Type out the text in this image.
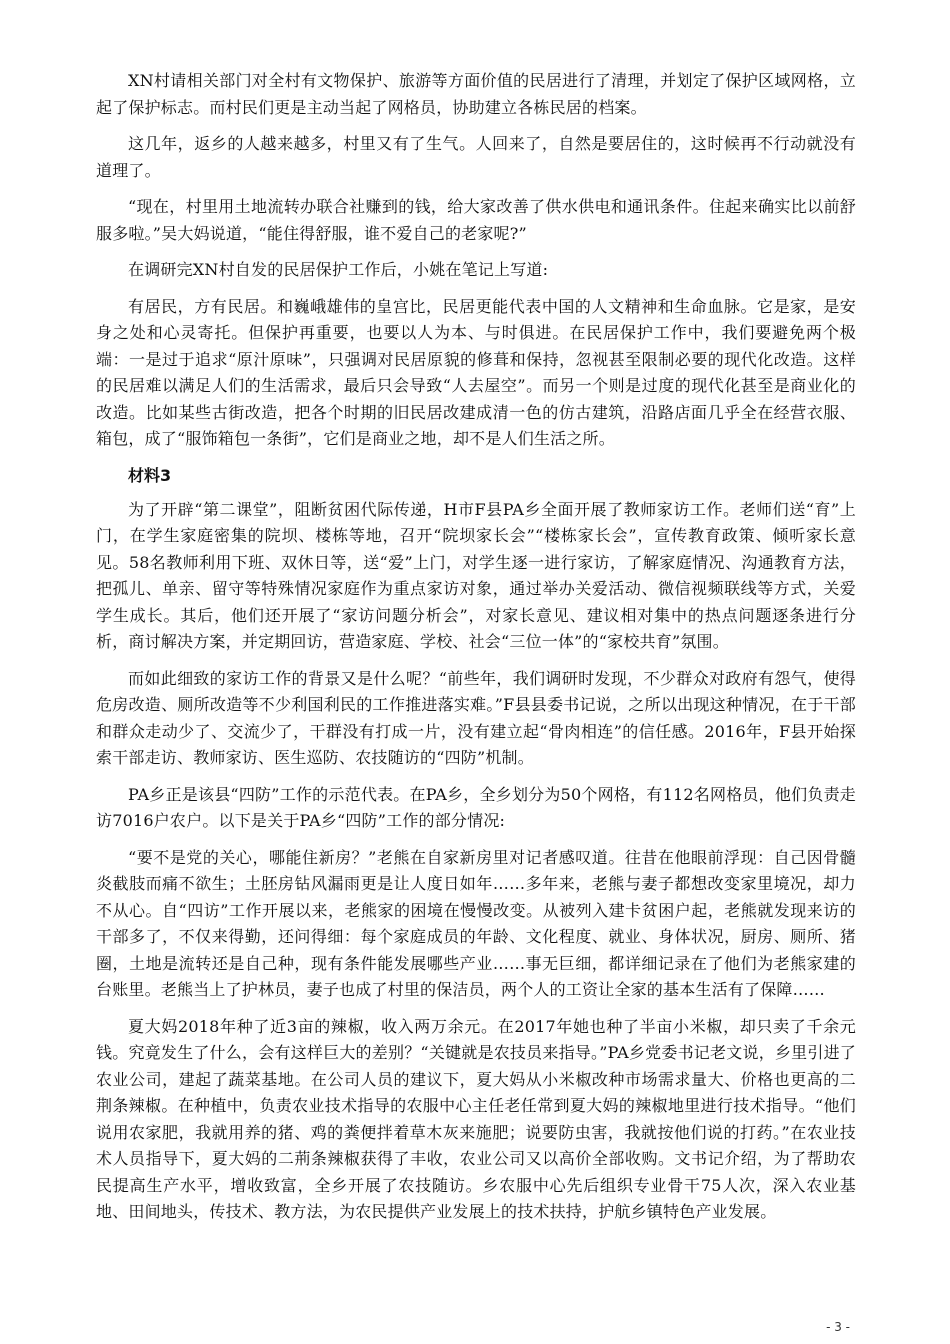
XN村请相关部门对全村有文物保护、旅游等方面价值的民居进行了清理，并划定了保护区域网格，立起了保护标志。而村民们更是主动当起了网格员，协助建立各栋民居的档案。

这几年，返乡的人越来越多，村里又有了生气。人回来了，自然是要居住的，这时候再不行动就没有道理了。

“现在，村里用土地流转办联合社赚到的钱，给大家改善了供水供电和通讯条件。住起来确实比以前舒服多啦。”吴大妈说道，“能住得舒服，谁不爱自己的老家呢?”

在调研完XN村自发的民居保护工作后，小姚在笔记上写道:

有居民，方有民居。和巍峨雄伟的皇宫比，民居更能代表中国的人文精神和生命血脉。它是家，是安身之处和心灵寄托。但保护再重要，也要以人为本、与时俱进。在民居保护工作中，我们要避免两个极端：一是过于追求“原汁原味”，只强调对民居原貌的修葺和保持，忽视甚至限制必要的现代化改造。这样的民居难以满足人们的生活需求，最后只会导致“人去屋空”。而另一个则是过度的现代化甚至是商业化的改造。比如某些古街改造，把各个时期的旧民居改建成清一色的仿古建筑，沿路店面几乎全在经营衣服、箱包，成了“服饰箱包一条街”，它们是商业之地，却不是人们生活之所。

材料3

为了开辟“第二课堂”，阻断贫困代际传递，H市F县PA乡全面开展了教师家访工作。老师们送“育”上门，在学生家庭密集的院坝、楼栋等地，召开“院坝家长会”“楼栋家长会”，宣传教育政策、倾听家长意见。58名教师利用下班、双休日等，送“爱”上门，对学生逐一进行家访，了解家庭情况、沟通教育方法，把孤儿、单亲、留守等特殊情况家庭作为重点家访对象，通过举办关爱活动、微信视频联线等方式，关爱学生成长。其后，他们还开展了“家访问题分析会”，对家长意见、建议相对集中的热点问题逐条进行分析，商讨解决方案，并定期回访，营造家庭、学校、社会“三位一体”的“家校共育”氛围。

而如此细致的家访工作的背景又是什么呢？“前些年，我们调研时发现，不少群众对政府有怨气，使得危房改造、厕所改造等不少利国利民的工作推进落实难。”F县县委书记说，之所以出现这种情况，在于干部和群众走动少了、交流少了，干群没有打成一片，没有建立起“骨肉相连”的信任感。2016年，F县开始探索干部走访、教师家访、医生巡防、农技随访的“四防”机制。

PA乡正是该县“四防”工作的示范代表。在PA乡，全乡划分为50个网格，有112名网格员，他们负责走访7016户农户。以下是关于PA乡“四防”工作的部分情况:

“要不是党的关心，哪能住新房？”老熊在自家新房里对记者感叹道。往昔在他眼前浮现：自己因骨髓炎截肢而痛不欲生；土胚房钻风漏雨更是让人度日如年……多年来，老熊与妻子都想改变家里境况，却力不从心。自“四访”工作开展以来，老熊家的困境在慢慢改变。从被列入建卡贫困户起，老熊就发现来访的干部多了，不仅来得勤，还问得细：每个家庭成员的年龄、文化程度、就业、身体状况，厨房、厕所、猪圈，土地是流转还是自己种，现有条件能发展哪些产业……事无巨细，都详细记录在了他们为老熊家建的台账里。老熊当上了护林员，妻子也成了村里的保洁员，两个人的工资让全家的基本生活有了保障……

夏大妈2018年种了近3亩的辣椒，收入两万余元。在2017年她也种了半亩小米椒，却只卖了千余元钱。究竟发生了什么，会有这样巨大的差别？“关键就是农技员来指导。”PA乡党委书记老文说，乡里引进了农业公司，建起了蔬菜基地。在公司人员的建议下，夏大妈从小米椒改种市场需求量大、价格也更高的二荆条辣椒。在种植中，负责农业技术指导的农服中心主任老任常到夏大妈的辣椒地里进行技术指导。“他们说用农家肥，我就用养的猪、鸡的粪便拌着草木灰来施肥；说要防虫害，我就按他们说的打药。”在农业技术人员指导下，夏大妈的二荊条辣椒获得了丰收，农业公司又以高价全部收购。文书记介绍，为了帮助农民提高生产水平，增收致富，全乡开展了农技随访。乡农服中心先后组织专业骨干75人次，深入农业基地、田间地头，传技术、教方法，为农民提供产业发展上的技术扶持，护航乡镇特色产业发展。

- 3 -
